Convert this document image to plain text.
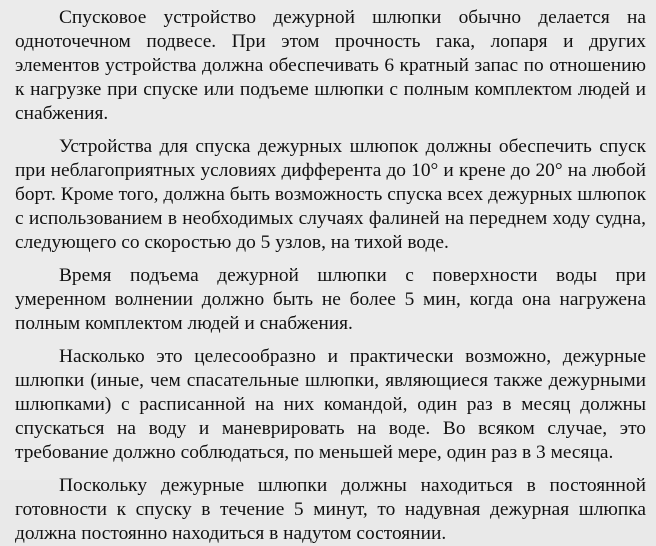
Спусковое устройство дежурной шлюпки обычно делается на одноточечном подвесе. При этом прочность гака, лопаря и других элементов устройства должна обеспечивать 6 кратный запас по отношению к нагрузке при спуске или подъеме шлюпки с полным комплектом людей и снабжения.

Устройства для спуска дежурных шлюпок должны обеспечить спуск при неблагоприятных условиях дифферента до 10° и крене до 20° на любой борт. Кроме того, должна быть возможность спуска всех дежурных шлюпок с использованием в необходимых случаях фалиней на переднем ходу судна, следующего со скоростью до 5 узлов, на тихой воде.

Время подъема дежурной шлюпки с поверхности воды при умеренном волнении должно быть не более 5 мин, когда она нагружена полным комплектом людей и снабжения.

Насколько это целесообразно и практически возможно, дежурные шлюпки (иные, чем спасательные шлюпки, являющиеся также дежурными шлюпками) с расписанной на них командой, один раз в месяц должны спускаться на воду и маневрировать на воде. Во всяком случае, это требование должно соблюдаться, по меньшей мере, один раз в 3 месяца.

Поскольку дежурные шлюпки должны находиться в постоянной готовности к спуску в течение 5 минут, то надувная дежурная шлюпка должна постоянно находиться в надутом состоянии.
